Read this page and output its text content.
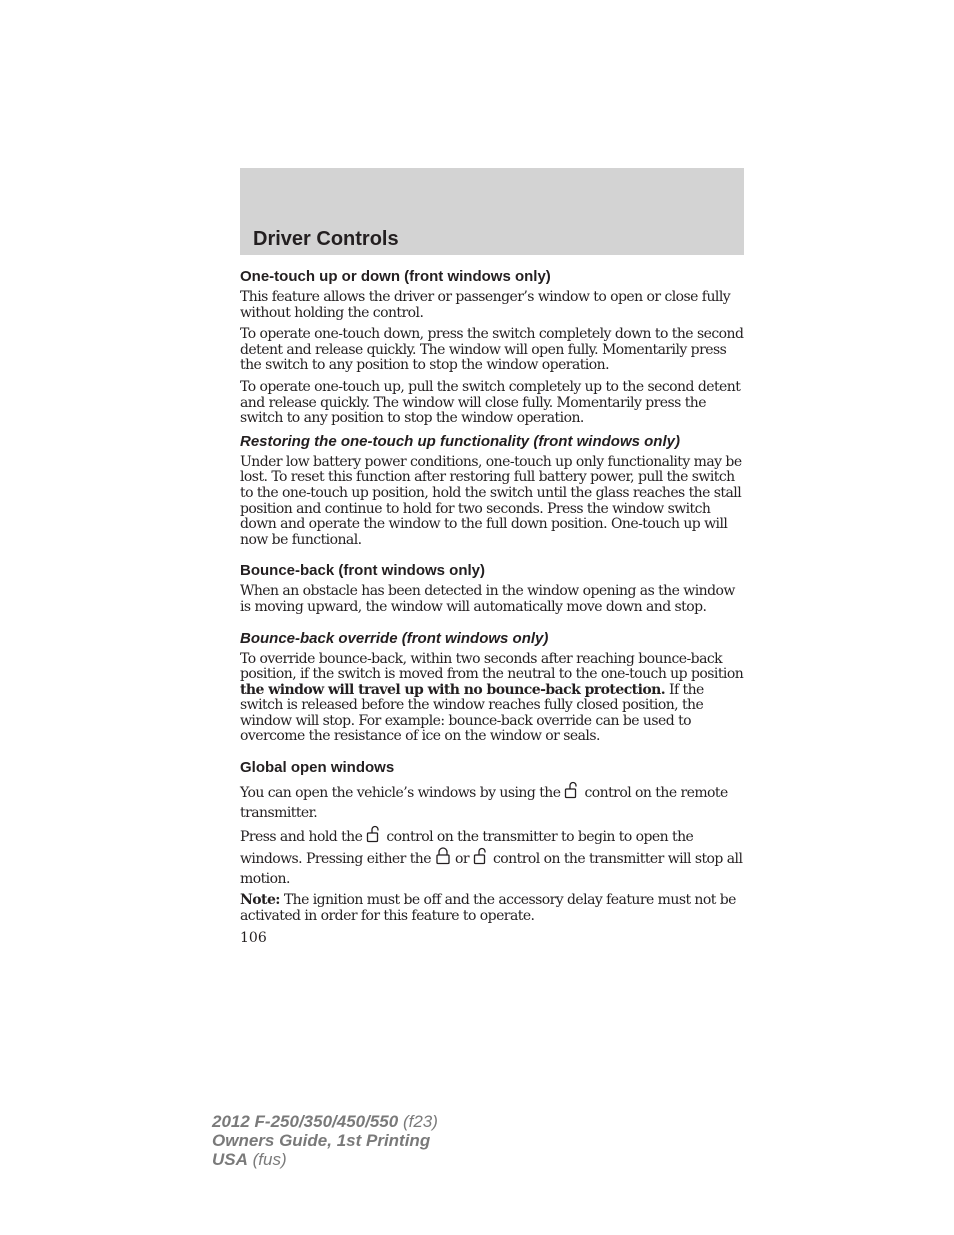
Driver Controls
One-touch up or down (front windows only)

This feature allows the driver or passenger’s window to open or close fully without holding the control.

To operate one-touch down, press the switch completely down to the second detent and release quickly. The window will open fully. Momentarily press the switch to any position to stop the window operation.

To operate one-touch up, pull the switch completely up to the second detent and release quickly. The window will close fully. Momentarily press the switch to any position to stop the window operation.

Restoring the one-touch up functionality (front windows only)

Under low battery power conditions, one-touch up only functionality may be lost. To reset this function after restoring full battery power, pull the switch to the one-touch up position, hold the switch until the glass reaches the stall position and continue to hold for two seconds. Press the window switch down and operate the window to the full down position. One-touch up will now be functional.

Bounce-back (front windows only)

When an obstacle has been detected in the window opening as the window is moving upward, the window will automatically move down and stop.

Bounce-back override (front windows only)

To override bounce-back, within two seconds after reaching bounce-back position, if the switch is moved from the neutral to the one-touch up position the window will travel up with no bounce-back protection. If the switch is released before the window reaches fully closed position, the window will stop. For example: bounce-back override can be used to overcome the resistance of ice on the window or seals.

Global open windows

You can open the vehicle’s windows by using the control on the remote transmitter.

Press and hold the control on the transmitter to begin to open the windows. Pressing either the or control on the transmitter will stop all motion.

Note: The ignition must be off and the accessory delay feature must not be activated in order for this feature to operate.

106
2012 F-250/350/450/550 (f23)
Owners Guide, 1st Printing
USA (fus)
